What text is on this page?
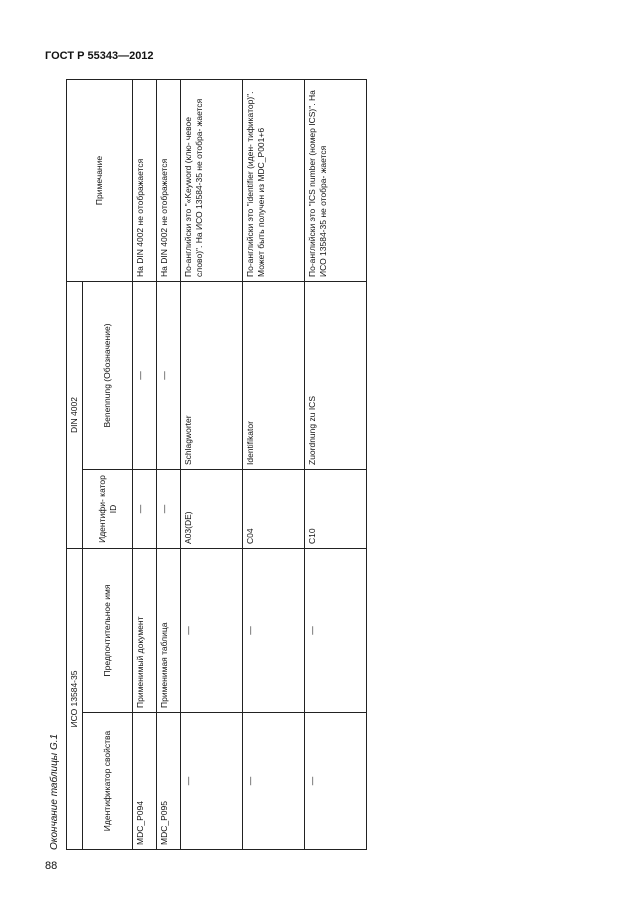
ГОСТ Р 55343—2012
Окончание таблицы G.1
ИСО 13584-35		DIN 4002		Примечание
Идентификатор свойства	Предпочтительное имя	Идентифи- катор ID	Benennung (Обозначение)	
MDC_P094	Применимый документ	—	—	На DIN 4002 не отображается
MDC_P095	Применимая таблица	—	—	На DIN 4002 не отображается
—	—	A03(DE)	Schlagworter	По-английски это "«Keyword (клю- чевое слово)". На ИСО 13584-35 не отобра- жается
—	—	C04	Identifikator	По-английски это "identifier (иден- тификатор)". Может быть получен из MDC_P001+6
—	—	C10	Zuordnung zu ICS	По-английски это "ICS number (номер ICS)". На ИСО 13584-35 не отобра- жается
88
